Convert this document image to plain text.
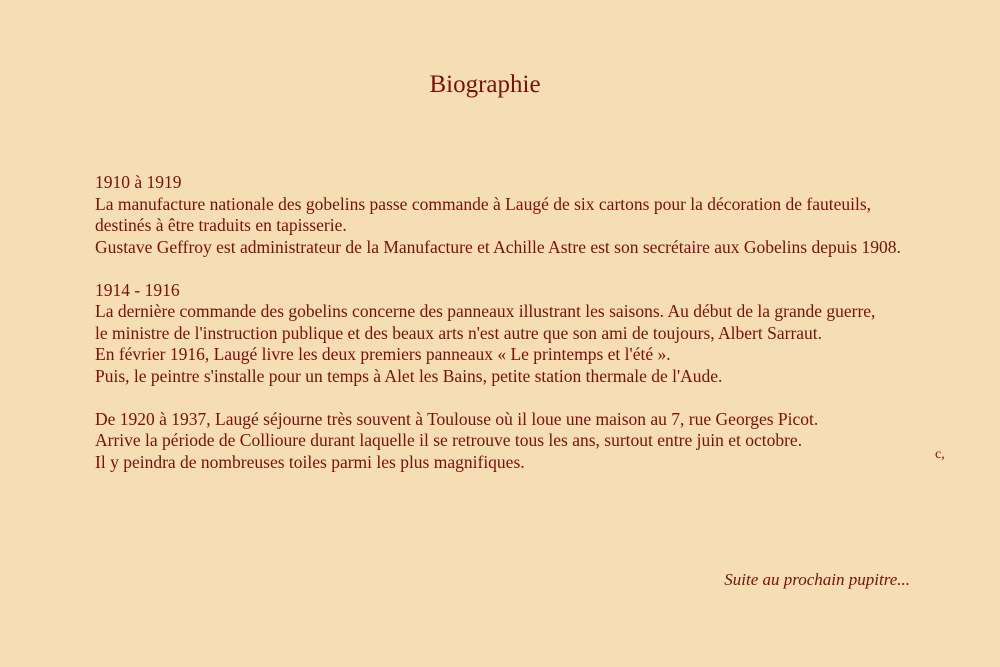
Biographie
1910 à 1919
La manufacture nationale des gobelins passe commande à Laugé de six cartons pour la décoration de fauteuils,
destinés à être traduits en tapisserie.
Gustave Geffroy est administrateur de la Manufacture et Achille Astre est son secrétaire aux Gobelins depuis 1908.
1914 - 1916
La dernière commande des gobelins concerne des panneaux illustrant les saisons. Au début de la grande guerre,
le ministre de l'instruction publique et des beaux arts n'est autre que son ami de toujours, Albert Sarraut.
En février 1916, Laugé livre les deux premiers panneaux « Le printemps et l'été ».
Puis, le peintre s'installe pour un temps à Alet les Bains, petite station thermale de l'Aude.
De 1920 à 1937, Laugé séjourne très souvent à Toulouse où il loue une maison au 7, rue Georges Picot.
Arrive la période de Collioure durant laquelle il se retrouve tous les ans, surtout entre juin et octobre.
Il y peindra de nombreuses toiles parmi les plus magnifiques.	c,
Suite au prochain pupitre...
